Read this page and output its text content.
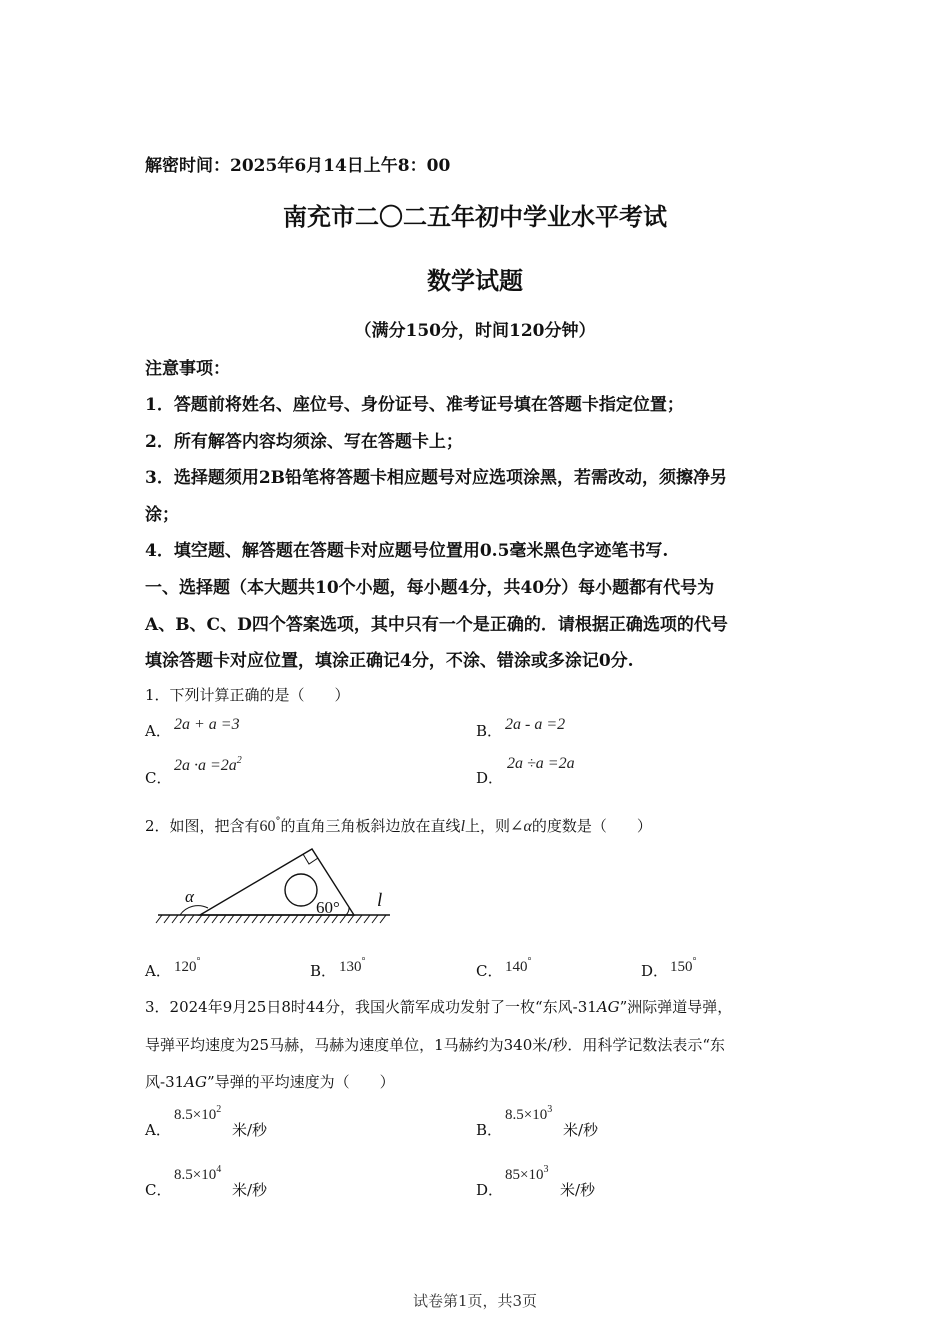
解密时间：2025年6月14日上午8：00
南充市二〇二五年初中学业水平考试
数学试题
（满分150分，时间120分钟）
注意事项：
1．答题前将姓名、座位号、身份证号、准考证号填在答题卡指定位置；
2．所有解答内容均须涂、写在答题卡上；
3．选择题须用2B铅笔将答题卡相应题号对应选项涂黑，若需改动，须擦净另
涂；
4．填空题、解答题在答题卡对应题号位置用0.5毫米黑色字迹笔书写.
一、选择题（本大题共10个小题，每小题4分，共40分）每小题都有代号为
A、B、C、D四个答案选项，其中只有一个是正确的．请根据正确选项的代号
填涂答题卡对应位置，填涂正确记4分，不涂、错涂或多涂记0分.
1．下列计算正确的是（　　）
A． 2a + a =3	B． 2a - a =2
C．
$2a \cdot a =2a^2$
D．
2a ÷a =2a
2．如图，把含有60°的直角三角板斜边放在直线l上，则∠α的度数是（　　）
α
60° l
A． 120°
B． 130°
C． 140°
D． 150°
3．2024年9月25日8时44分，我国火箭军成功发射了一枚“东风-31AG”洲际弹道导弹，
导弹平均速度为25马赫，马赫为速度单位，1马赫约为340米/秒．用科学记数法表示“东
风-31AG”导弹的平均速度为（　　）
A．
$8.5\times 10^2$
米/秒	B．
$8.5\times 10^3$
米/秒
C．
$8.5\times 10^4$
米/秒	D．
$85\times 10^3$
米/秒
试卷第1页，共3页
